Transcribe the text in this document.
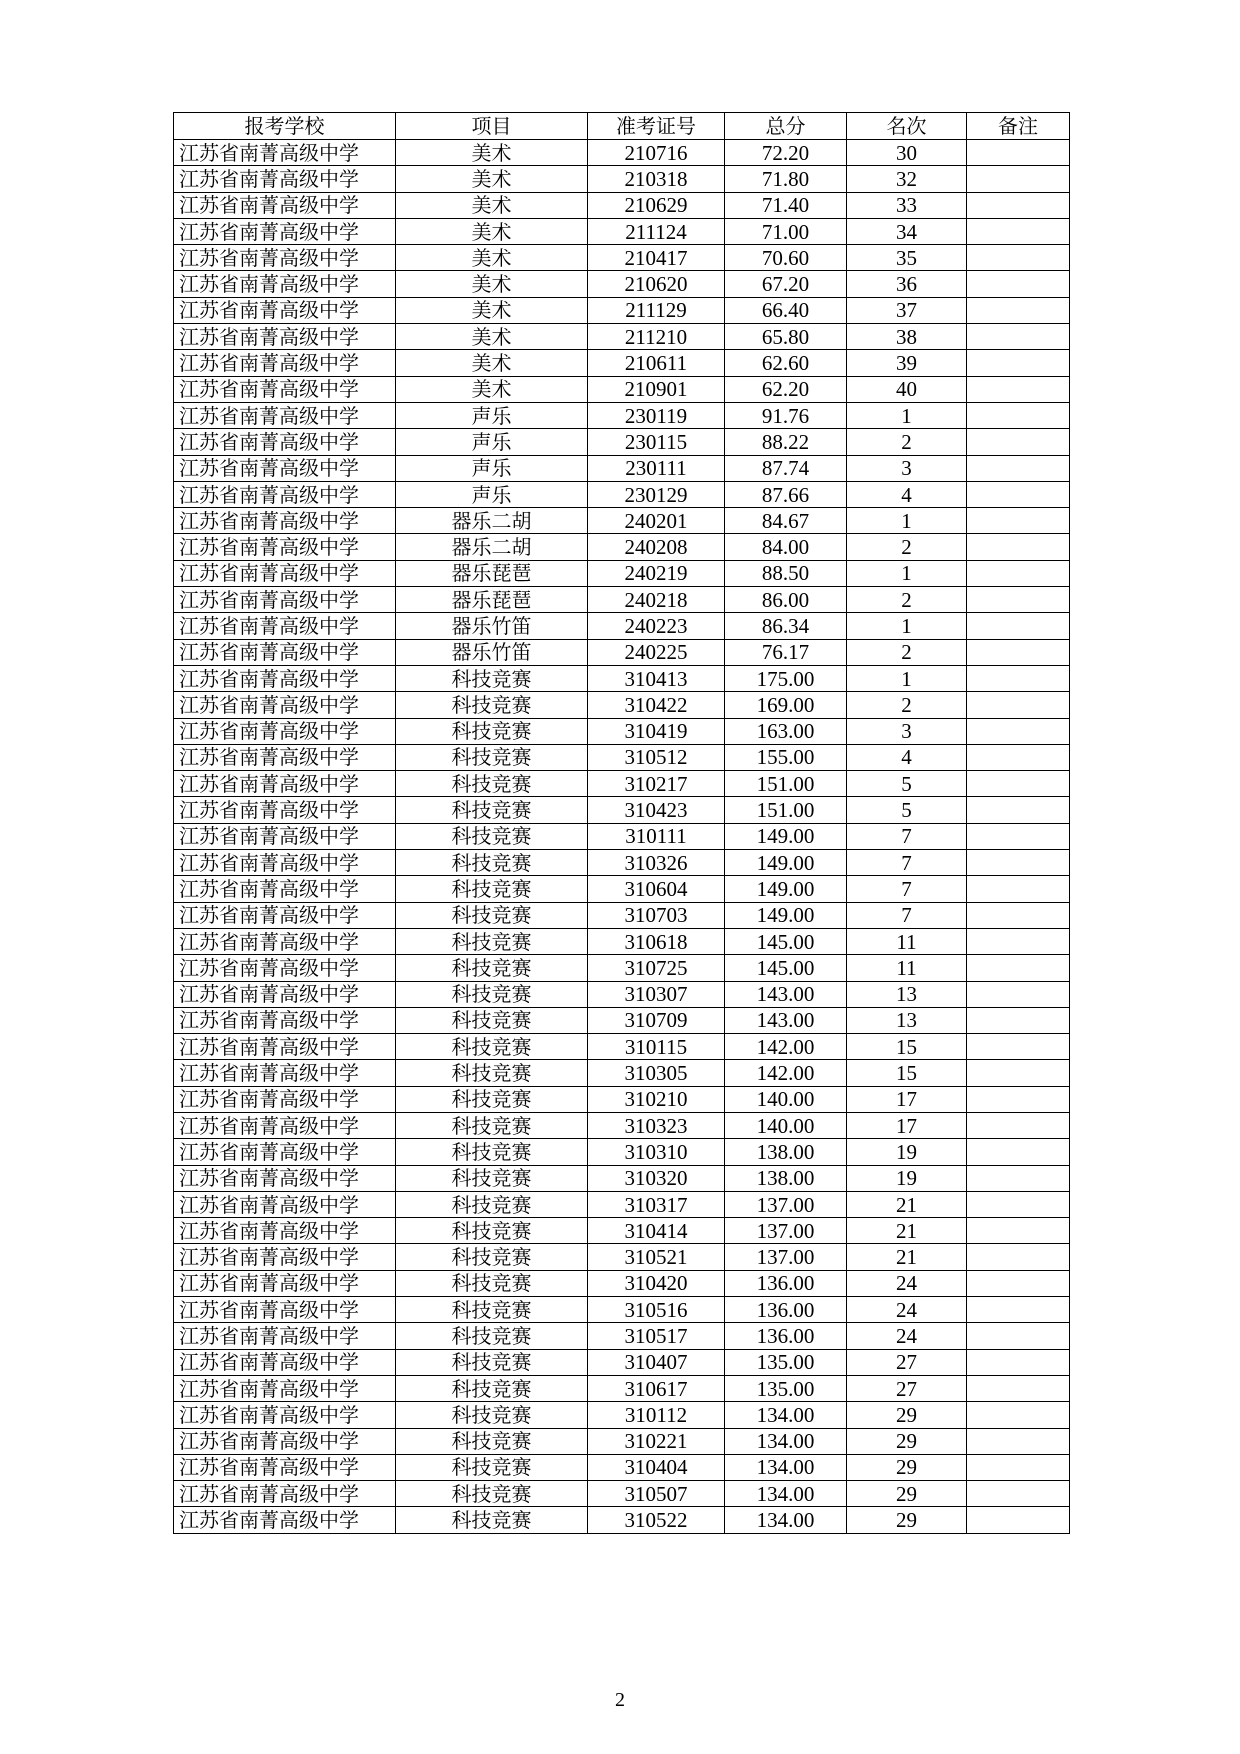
报考学校	项目	准考证号	总分	名次	备注
江苏省南菁高级中学	美术	210716	72.20	30	
江苏省南菁高级中学	美术	210318	71.80	32	
江苏省南菁高级中学	美术	210629	71.40	33	
江苏省南菁高级中学	美术	211124	71.00	34	
江苏省南菁高级中学	美术	210417	70.60	35	
江苏省南菁高级中学	美术	210620	67.20	36	
江苏省南菁高级中学	美术	211129	66.40	37	
江苏省南菁高级中学	美术	211210	65.80	38	
江苏省南菁高级中学	美术	210611	62.60	39	
江苏省南菁高级中学	美术	210901	62.20	40	
江苏省南菁高级中学	声乐	230119	91.76	1	
江苏省南菁高级中学	声乐	230115	88.22	2	
江苏省南菁高级中学	声乐	230111	87.74	3	
江苏省南菁高级中学	声乐	230129	87.66	4	
江苏省南菁高级中学	器乐二胡	240201	84.67	1	
江苏省南菁高级中学	器乐二胡	240208	84.00	2	
江苏省南菁高级中学	器乐琵琶	240219	88.50	1	
江苏省南菁高级中学	器乐琵琶	240218	86.00	2	
江苏省南菁高级中学	器乐竹笛	240223	86.34	1	
江苏省南菁高级中学	器乐竹笛	240225	76.17	2	
江苏省南菁高级中学	科技竞赛	310413	175.00	1	
江苏省南菁高级中学	科技竞赛	310422	169.00	2	
江苏省南菁高级中学	科技竞赛	310419	163.00	3	
江苏省南菁高级中学	科技竞赛	310512	155.00	4	
江苏省南菁高级中学	科技竞赛	310217	151.00	5	
江苏省南菁高级中学	科技竞赛	310423	151.00	5	
江苏省南菁高级中学	科技竞赛	310111	149.00	7	
江苏省南菁高级中学	科技竞赛	310326	149.00	7	
江苏省南菁高级中学	科技竞赛	310604	149.00	7	
江苏省南菁高级中学	科技竞赛	310703	149.00	7	
江苏省南菁高级中学	科技竞赛	310618	145.00	11	
江苏省南菁高级中学	科技竞赛	310725	145.00	11	
江苏省南菁高级中学	科技竞赛	310307	143.00	13	
江苏省南菁高级中学	科技竞赛	310709	143.00	13	
江苏省南菁高级中学	科技竞赛	310115	142.00	15	
江苏省南菁高级中学	科技竞赛	310305	142.00	15	
江苏省南菁高级中学	科技竞赛	310210	140.00	17	
江苏省南菁高级中学	科技竞赛	310323	140.00	17	
江苏省南菁高级中学	科技竞赛	310310	138.00	19	
江苏省南菁高级中学	科技竞赛	310320	138.00	19	
江苏省南菁高级中学	科技竞赛	310317	137.00	21	
江苏省南菁高级中学	科技竞赛	310414	137.00	21	
江苏省南菁高级中学	科技竞赛	310521	137.00	21	
江苏省南菁高级中学	科技竞赛	310420	136.00	24	
江苏省南菁高级中学	科技竞赛	310516	136.00	24	
江苏省南菁高级中学	科技竞赛	310517	136.00	24	
江苏省南菁高级中学	科技竞赛	310407	135.00	27	
江苏省南菁高级中学	科技竞赛	310617	135.00	27	
江苏省南菁高级中学	科技竞赛	310112	134.00	29	
江苏省南菁高级中学	科技竞赛	310221	134.00	29	
江苏省南菁高级中学	科技竞赛	310404	134.00	29	
江苏省南菁高级中学	科技竞赛	310507	134.00	29	
江苏省南菁高级中学	科技竞赛	310522	134.00	29	
2
